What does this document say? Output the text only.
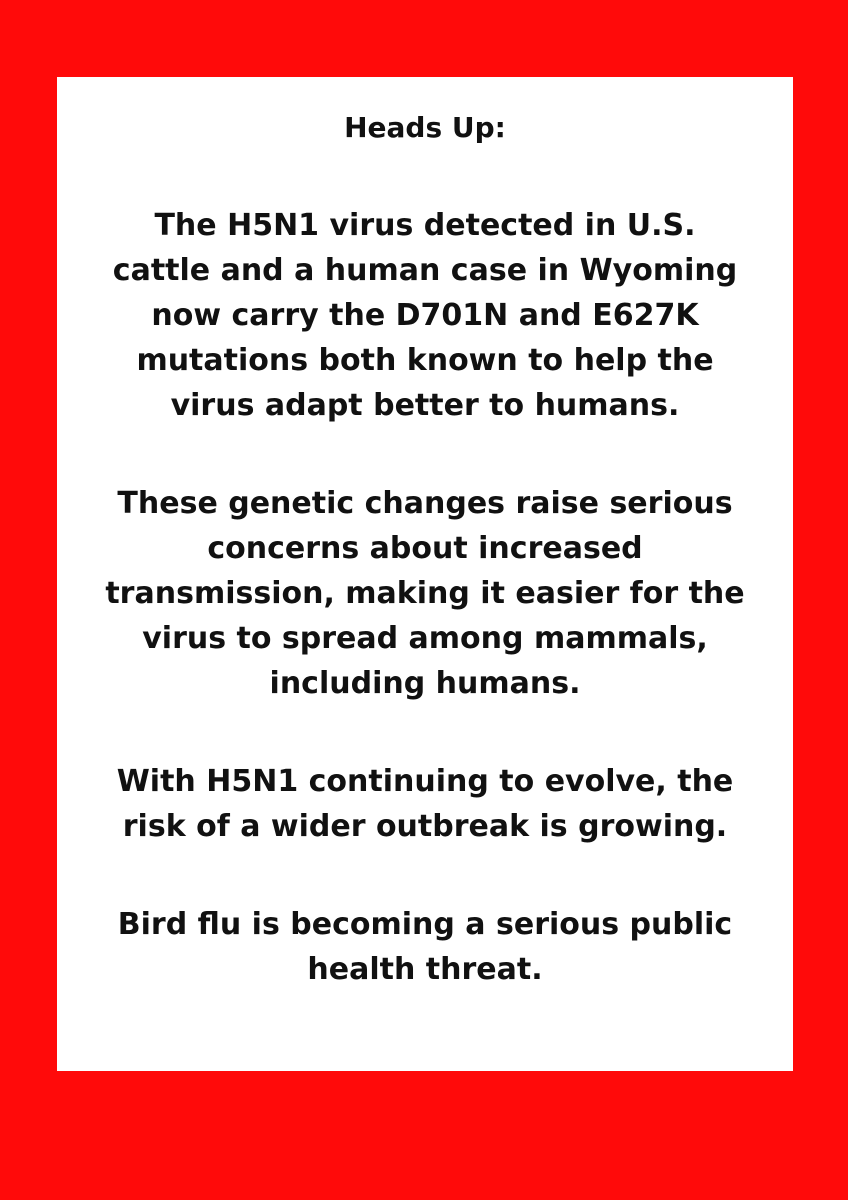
Heads Up:
The H5N1 virus detected in U.S.
cattle and a human case in Wyoming
now carry the D701N and E627K
mutations both known to help the
virus adapt better to humans.
These genetic changes raise serious
concerns about increased
transmission, making it easier for the
virus to spread among mammals,
including humans.
With H5N1 continuing to evolve, the
risk of a wider outbreak is growing.
Bird flu is becoming a serious public
health threat.
